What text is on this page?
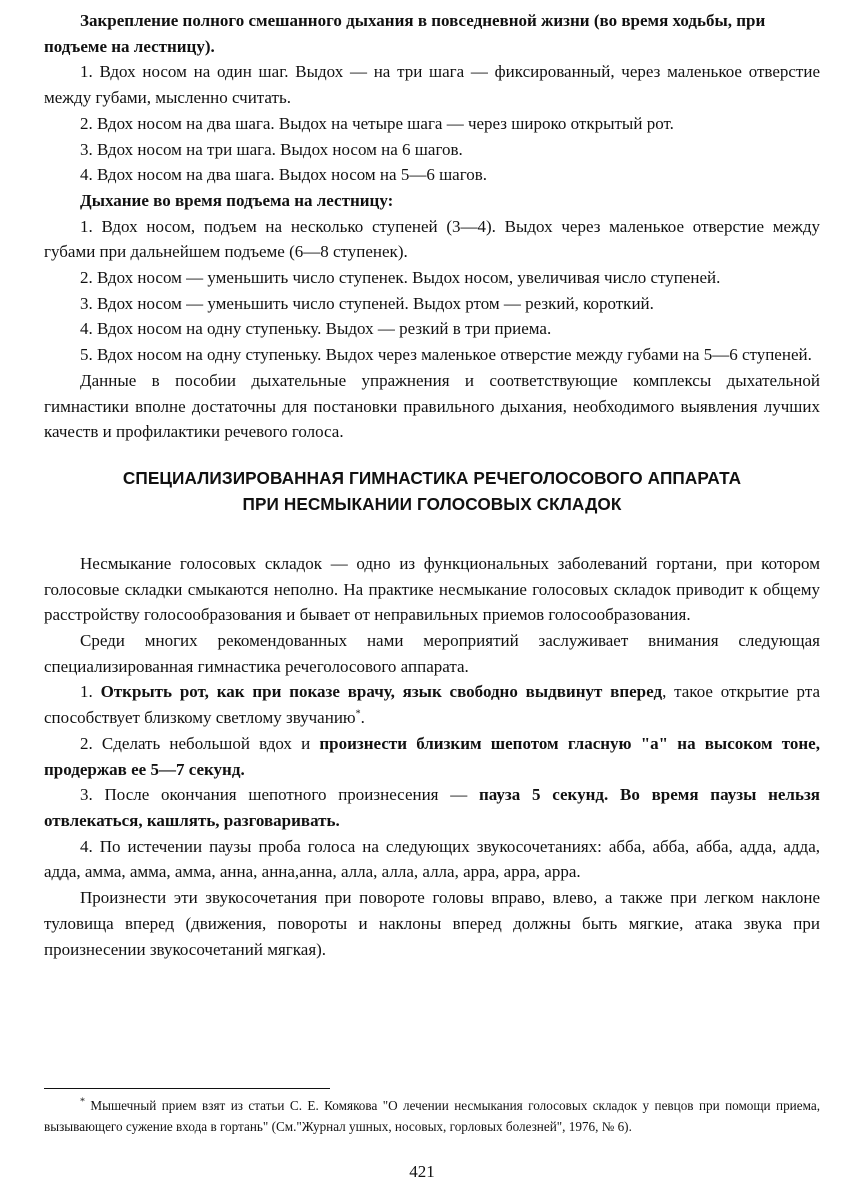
Закрепление полного смешанного дыхания в повседневной жизни (во время ходьбы, при подъеме на лестницу).

1. Вдох носом на один шаг. Выдох — на три шага — фиксированный, через маленькое отверстие между губами, мысленно считать.

2. Вдох носом на два шага. Выдох на четыре шага — через широко открытый рот.

3. Вдох носом на три шага. Выдох носом на 6 шагов.

4. Вдох носом на два шага. Выдох носом на 5—6 шагов.

Дыхание во время подъема на лестницу:

1. Вдох носом, подъем на несколько ступеней (3—4). Выдох через маленькое отверстие между губами при дальнейшем подъеме (6—8 ступенек).

2. Вдох носом — уменьшить число ступенек. Выдох носом, увеличивая число ступеней.

3. Вдох носом — уменьшить число ступеней. Выдох ртом — резкий, короткий.

4. Вдох носом на одну ступеньку. Выдох — резкий в три приема.

5. Вдох носом на одну ступеньку. Выдох через маленькое отверстие между губами на 5—6 ступеней.

Данные в пособии дыхательные упражнения и соответствующие комплексы дыхательной гимнастики вполне достаточны для постановки правильного дыхания, необходимого выявления лучших качеств и профилактики речевого голоса.

СПЕЦИАЛИЗИРОВАННАЯ ГИМНАСТИКА РЕЧЕГОЛОСОВОГО АППАРАТА
ПРИ НЕСМЫКАНИИ ГОЛОСОВЫХ СКЛАДОК

Несмыкание голосовых складок — одно из функциональных заболеваний гортани, при котором голосовые складки смыкаются неполно. На практике несмыкание голосовых складок приводит к общему расстройству голосообразования и бывает от неправильных приемов голосообразования.

Среди многих рекомендованных нами мероприятий заслуживает внимания следующая специализированная гимнастика речеголосового аппарата.

1. Открыть рот, как при показе врачу, язык свободно выдвинут вперед, такое открытие рта способствует близкому светлому звучанию*.

2. Сделать небольшой вдох и произнести близким шепотом гласную "а" на высоком тоне, продержав ее 5—7 секунд.

3. После окончания шепотного произнесения — пауза 5 секунд. Во время паузы нельзя отвлекаться, кашлять, разговаривать.

4. По истечении паузы проба голоса на следующих звукосочетаниях: абба, абба, абба, адда, адда, адда, амма, амма, амма, анна, анна,анна, алла, алла, алла, арра, арра, арра.

Произнести эти звукосочетания при повороте головы вправо, влево, а также при легком наклоне туловища вперед (движения, повороты и наклоны вперед должны быть мягкие, атака звука при произнесении звукосочетаний мягкая).

* Мышечный прием взят из статьи С. Е. Комякова "О лечении несмыкания голосовых складок у певцов при помощи приема, вызывающего сужение входа в гортань" (См."Журнал ушных, носовых, горловых болезней", 1976, № 6).

421
